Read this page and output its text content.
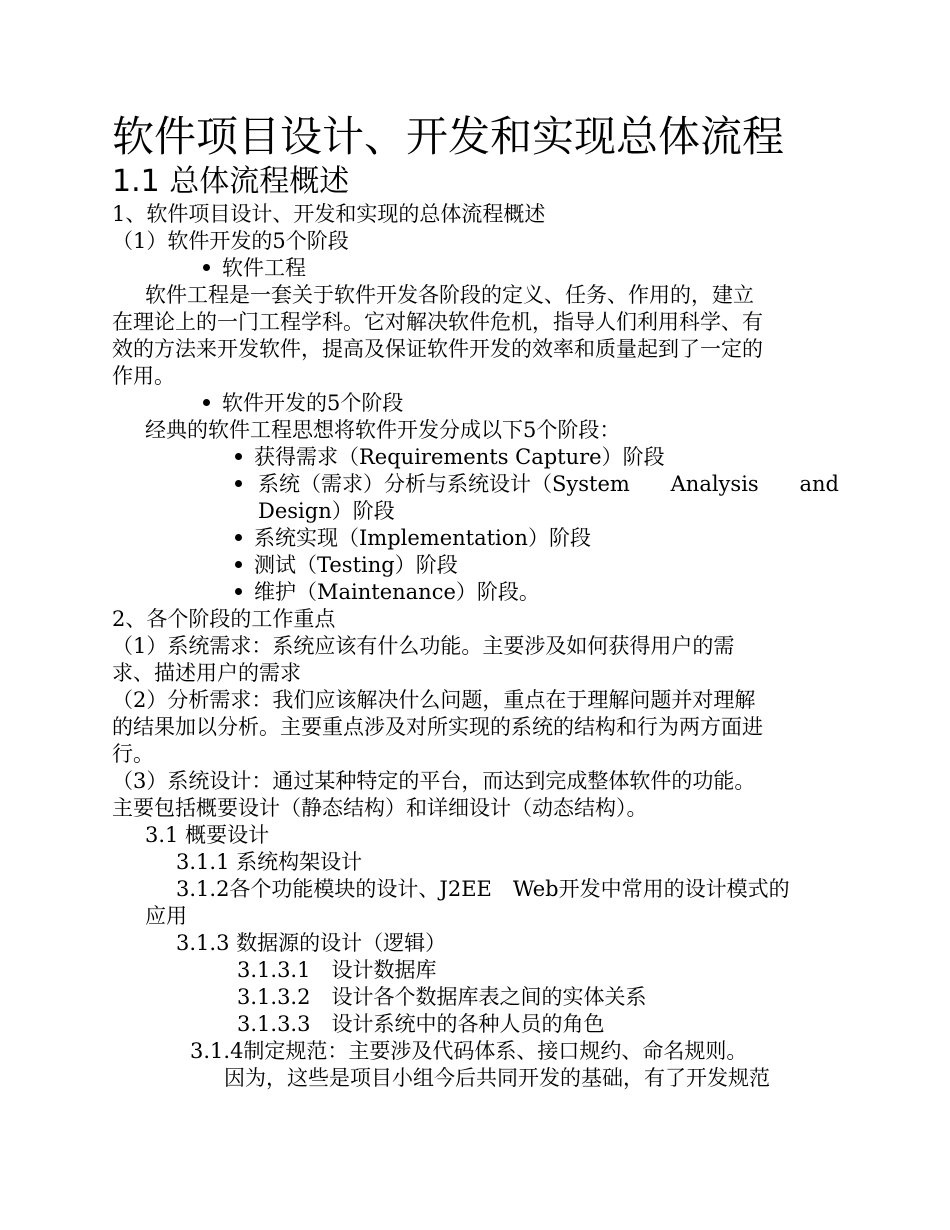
软件项目设计、开发和实现总体流程
1.1 总体流程概述
1、软件项目设计、开发和实现的总体流程概述
（1）软件开发的5个阶段
软件工程
软件工程是一套关于软件开发各阶段的定义、任务、作用的，建立
在理论上的一门工程学科。它对解决软件危机，指导人们利用科学、有
效的方法来开发软件，提高及保证软件开发的效率和质量起到了一定的
作用。
软件开发的5个阶段
经典的软件工程思想将软件开发分成以下5个阶段：
获得需求（Requirements Capture）阶段
系统（需求）分析与系统设计（System Analysis and
Design）阶段
系统实现（Implementation）阶段
测试（Testing）阶段
维护（Maintenance）阶段。
2、各个阶段的工作重点
（1）系统需求：系统应该有什么功能。主要涉及如何获得用户的需
求、描述用户的需求
（2）分析需求：我们应该解决什么问题，重点在于理解问题并对理解
的结果加以分析。主要重点涉及对所实现的系统的结构和行为两方面进
行。
（3）系统设计：通过某种特定的平台，而达到完成整体软件的功能。
主要包括概要设计（静态结构）和详细设计（动态结构）。
3.1 概要设计
3.1.1 系统构架设计
3.1.2各个功能模块的设计、J2EE　Web开发中常用的设计模式的
应用
3.1.3 数据源的设计（逻辑）
3.1.3.1　设计数据库
3.1.3.2　设计各个数据库表之间的实体关系
3.1.3.3　设计系统中的各种人员的角色
3.1.4制定规范：主要涉及代码体系、接口规约、命名规则。
因为，这些是项目小组今后共同开发的基础，有了开发规范
